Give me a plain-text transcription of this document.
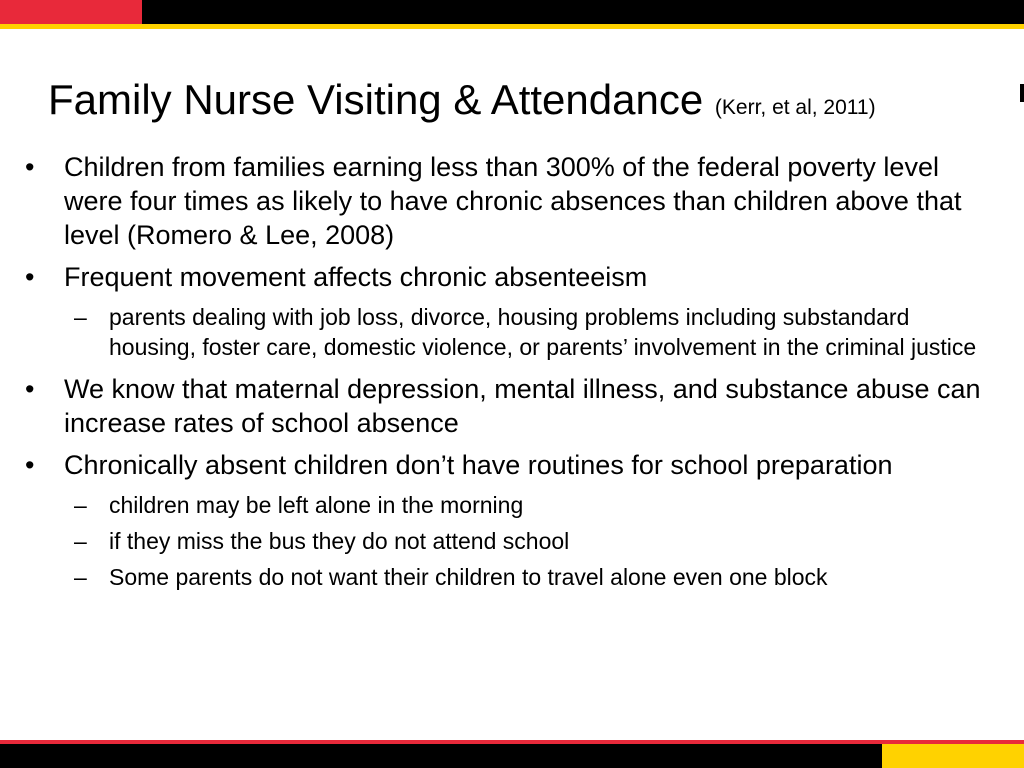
Family Nurse Visiting & Attendance (Kerr, et al, 2011)
• Children from families earning less than 300% of the federal poverty level were four times as likely to have chronic absences than children above that level (Romero & Lee, 2008)
• Frequent movement affects chronic absenteeism
– parents dealing with job loss, divorce, housing problems including substandard housing, foster care, domestic violence, or parents’ involvement in the criminal justice
• We know that maternal depression, mental illness, and substance abuse can increase rates of school absence
• Chronically absent children don’t have routines for school preparation
– children may be left alone in the morning
– if they miss the bus they do not attend school
– Some parents do not want their children to travel alone even one block
